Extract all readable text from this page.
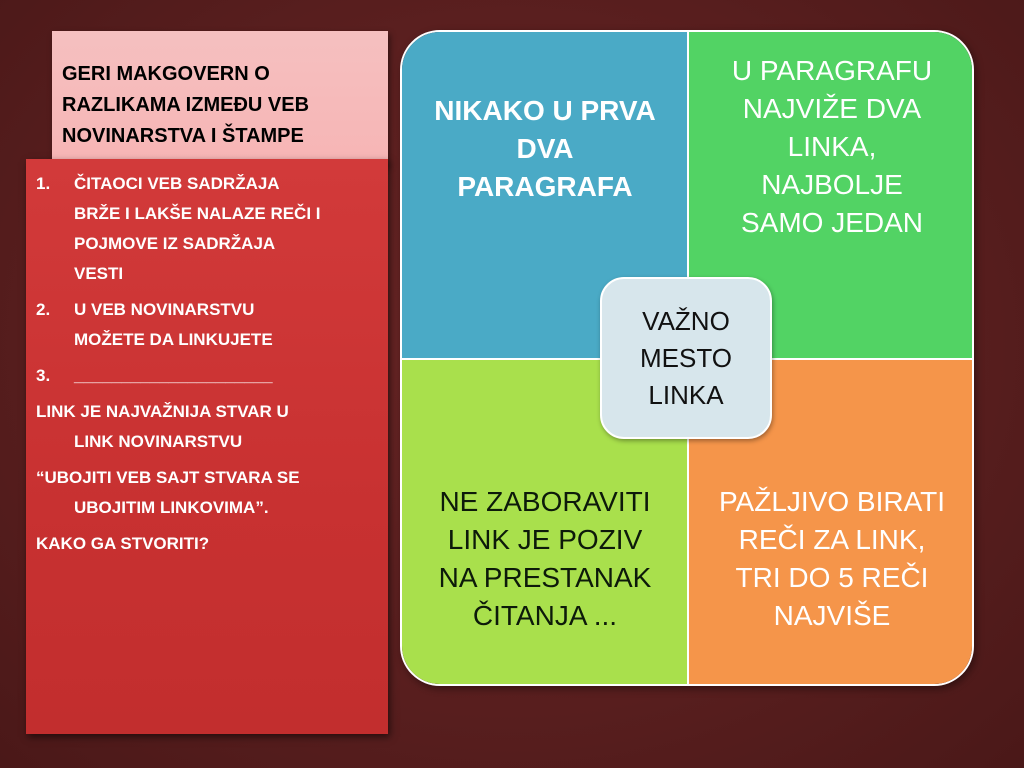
GERI MAKGOVERN O
RAZLIKAMA IZMEĐU VEB
NOVINARSTVA I ŠTAMPE
1.	ČITAOCI VEB SADRŽAJA
BRŽE I LAKŠE NALAZE REČI I
POJMOVE IZ SADRŽAJA
VESTI
2.	U VEB NOVINARSTVU
MOŽETE DA LINKUJETE
3.	_____________________
LINK JE NAJVAŽNIJA STVAR U
LINK NOVINARSTVU
“UBOJITI VEB SAJT STVARA SE
UBOJITIM LINKOVIMA”.
KAKO GA STVORITI?
NIKAKO U PRVA
DVA
PARAGRAFA
U PARAGRAFU
NAJVIŽE DVA
LINKA,
NAJBOLJE
SAMO JEDAN
NE ZABORAVITI
LINK JE POZIV
NA PRESTANAK
ČITANJA ...
PAŽLJIVO BIRATI
REČI ZA LINK,
TRI DO 5 REČI
NAJVIŠE
VAŽNO
MESTO
LINKA
